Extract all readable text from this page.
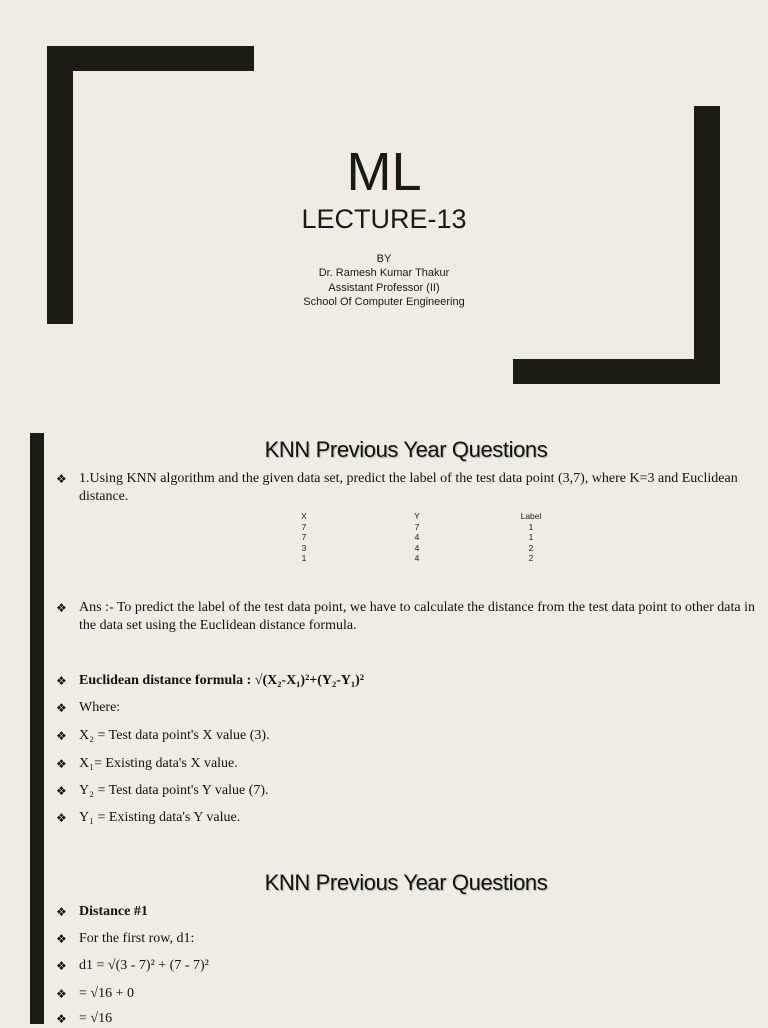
ML
LECTURE-13
BY
Dr. Ramesh Kumar Thakur
Assistant Professor (II)
School Of Computer Engineering
KNN Previous Year Questions
❖ 1.Using KNN algorithm and the given data set, predict the label of the test data point (3,7), where K=3 and Euclidean distance.
X
7
7
3
1
Y
7
4
4
4
Label
1
1
2
2
❖ Ans :- To predict the label of the test data point, we have to calculate the distance from the test data point to other data in the data set using the Euclidean distance formula.
❖ Euclidean distance formula : √(X₂-X₁)²+(Y₂-Y₁)²
❖ Where:
❖ X₂ = Test data point's X value (3).
❖ X₁= Existing data's X value.
❖ Y₂ = Test data point's Y value (7).
❖ Y₁ = Existing data's Y value.
KNN Previous Year Questions
❖ Distance #1
❖ For the first row, d1:
❖ d1 = √(3 - 7)² + (7 - 7)²
❖ = √16 + 0
❖ = √16
